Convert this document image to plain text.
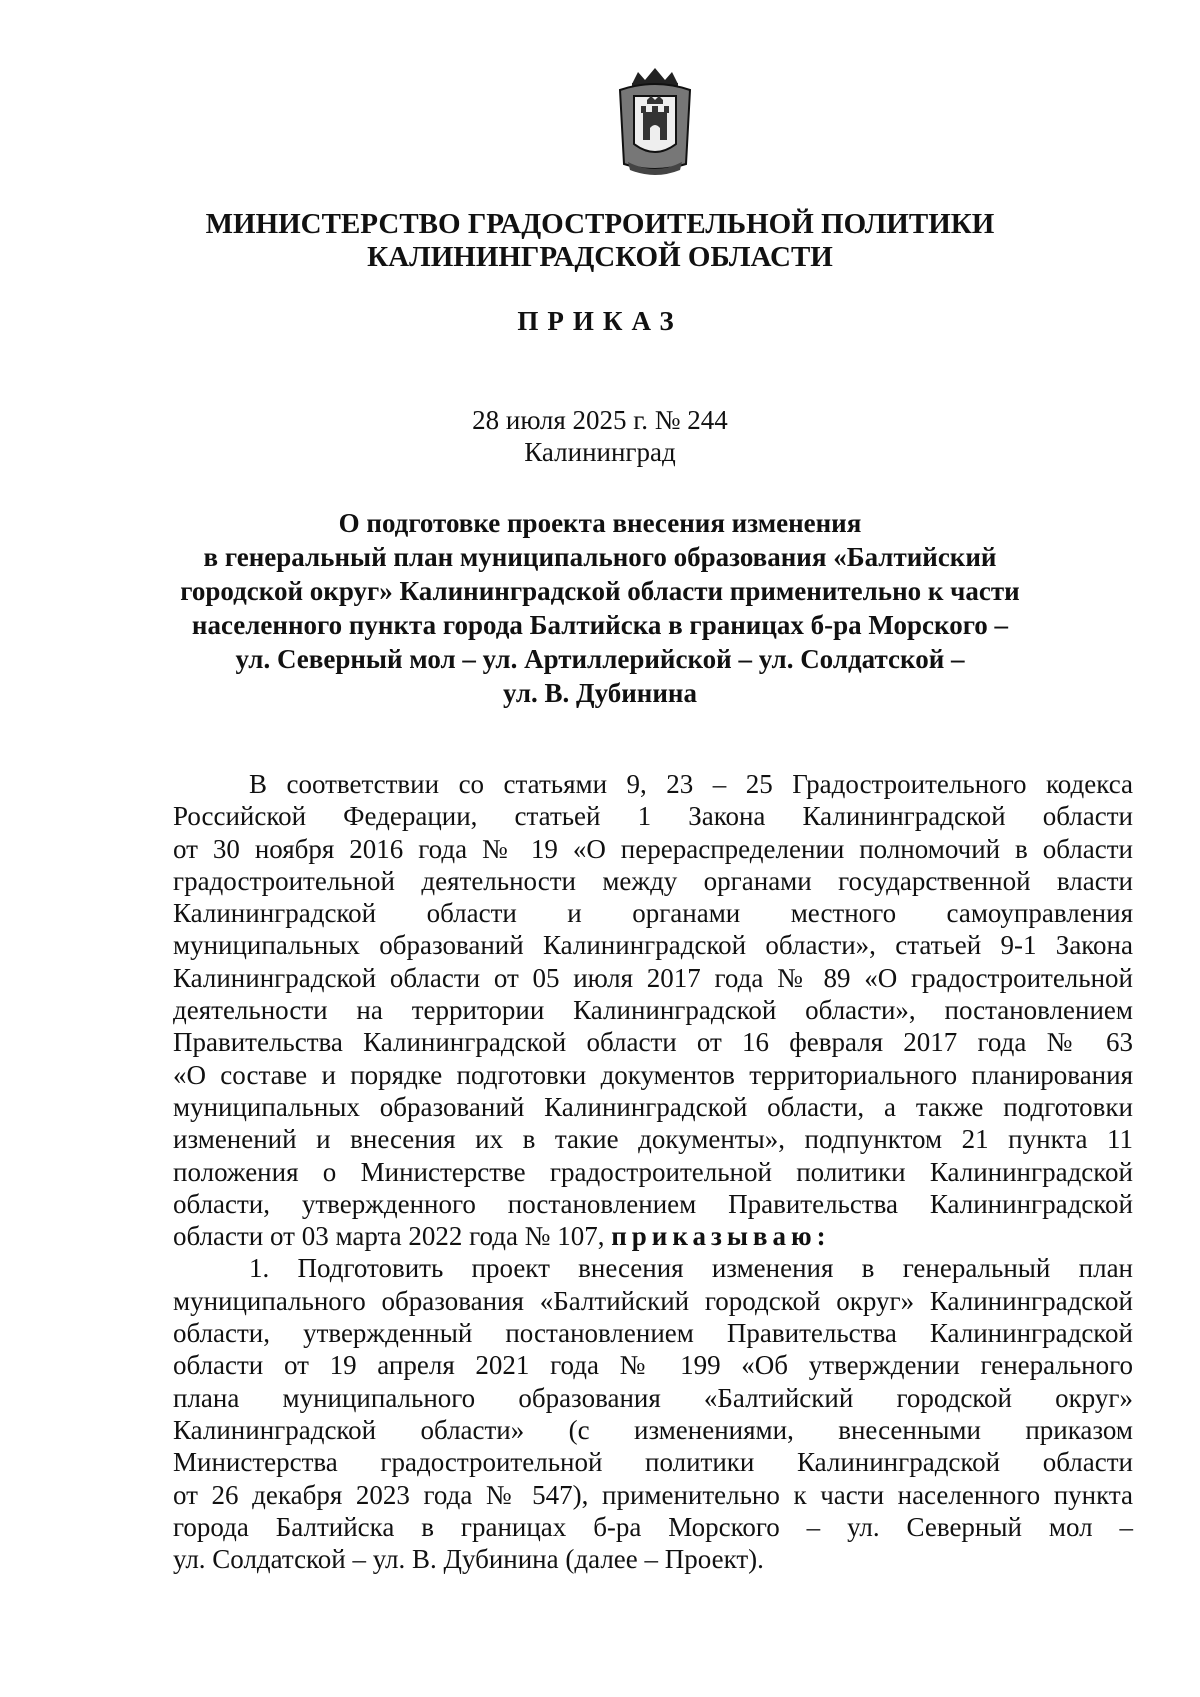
МИНИСТЕРСТВО ГРАДОСТРОИТЕЛЬНОЙ ПОЛИТИКИ
КАЛИНИНГРАДСКОЙ ОБЛАСТИ
ПРИКАЗ
28 июля 2025 г. № 244
Калининград
О подготовке проекта внесения изменения
в генеральный план муниципального образования «Балтийский
городской округ» Калининградской области применительно к части
населенного пункта города Балтийска в границах б-ра Морского –
ул. Северный мол – ул. Артиллерийской – ул. Солдатской –
ул. В. Дубинина
В соответствии со статьями 9, 23 – 25 Градостроительного кодекса
Российской Федерации, статьей 1 Закона Калининградской области
от 30 ноября 2016 года № 19 «О перераспределении полномочий в области
градостроительной деятельности между органами государственной власти
Калининградской области и органами местного самоуправления
муниципальных образований Калининградской области», статьей 9-1 Закона
Калининградской области от 05 июля 2017 года № 89 «О градостроительной
деятельности на территории Калининградской области», постановлением
Правительства Калининградской области от 16 февраля 2017 года № 63
«О составе и порядке подготовки документов территориального планирования
муниципальных образований Калининградской области, а также подготовки
изменений и внесения их в такие документы», подпунктом 21 пункта 11
положения о Министерстве градостроительной политики Калининградской
области, утвержденного постановлением Правительства Калининградской
области от 03 марта 2022 года № 107, приказываю:
1. Подготовить проект внесения изменения в генеральный план
муниципального образования «Балтийский городской округ» Калининградской
области, утвержденный постановлением Правительства Калининградской
области от 19 апреля 2021 года № 199 «Об утверждении генерального
плана муниципального образования «Балтийский городской округ»
Калининградской области» (с изменениями, внесенными приказом
Министерства градостроительной политики Калининградской области
от 26 декабря 2023 года № 547), применительно к части населенного пункта
города Балтийска в границах б-ра Морского – ул. Северный мол –
ул. Солдатской – ул. В. Дубинина (далее – Проект).
